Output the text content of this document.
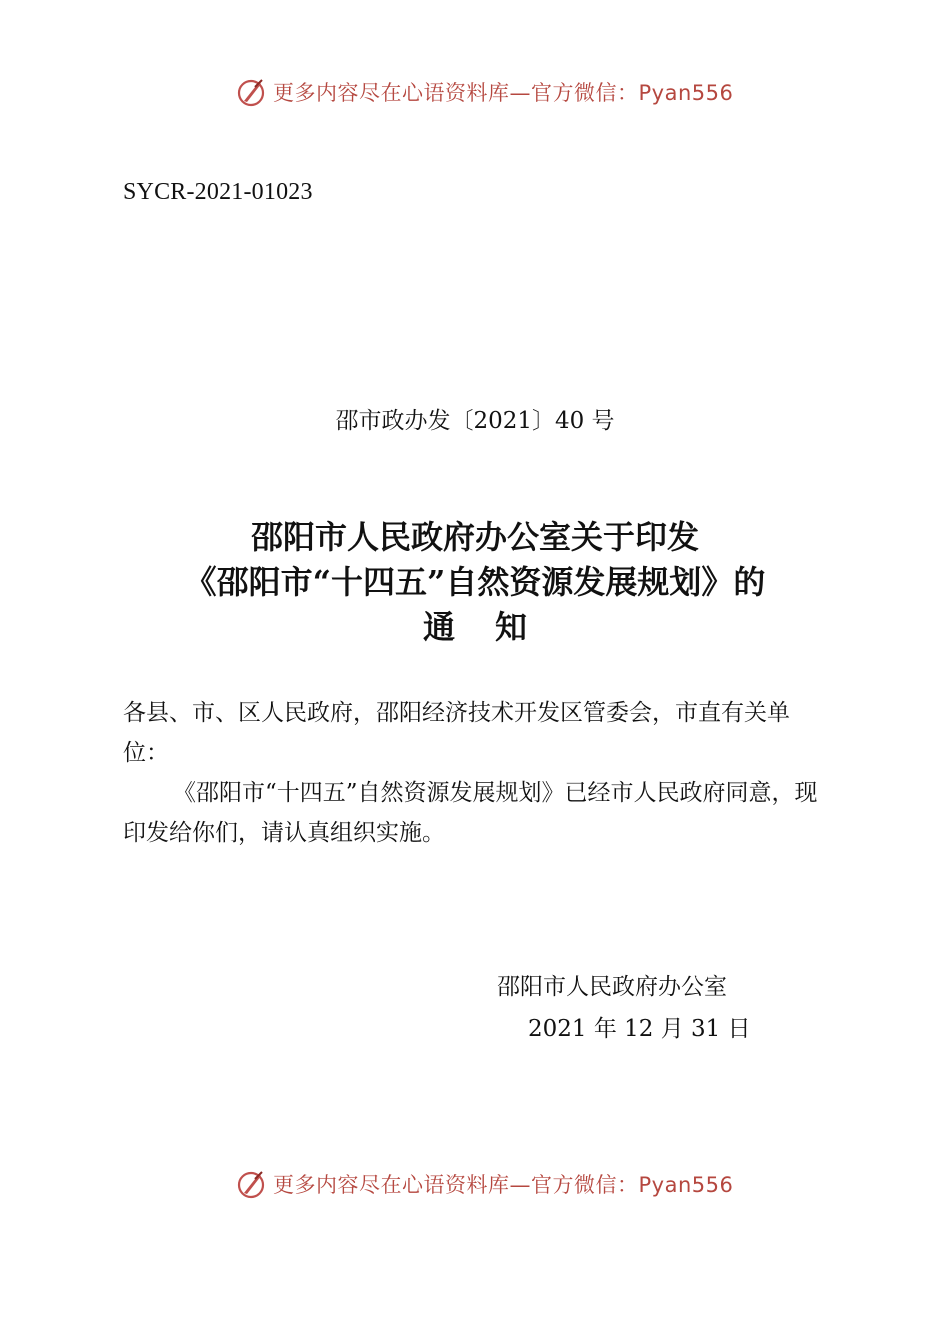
更多内容尽在心语资料库—官方微信：Pyan556
SYCR-2021-01023
邵市政办发〔2021〕40 号
邵阳市人民政府办公室关于印发
《邵阳市“十四五”自然资源发展规划》的
通知

各县、市、区人民政府，邵阳经济技术开发区管委会，市直有关单位：

《邵阳市“十四五”自然资源发展规划》已经市人民政府同意，现印发给你们，请认真组织实施。

邵阳市人民政府办公室
2021 年 12 月 31 日
更多内容尽在心语资料库—官方微信：Pyan556
